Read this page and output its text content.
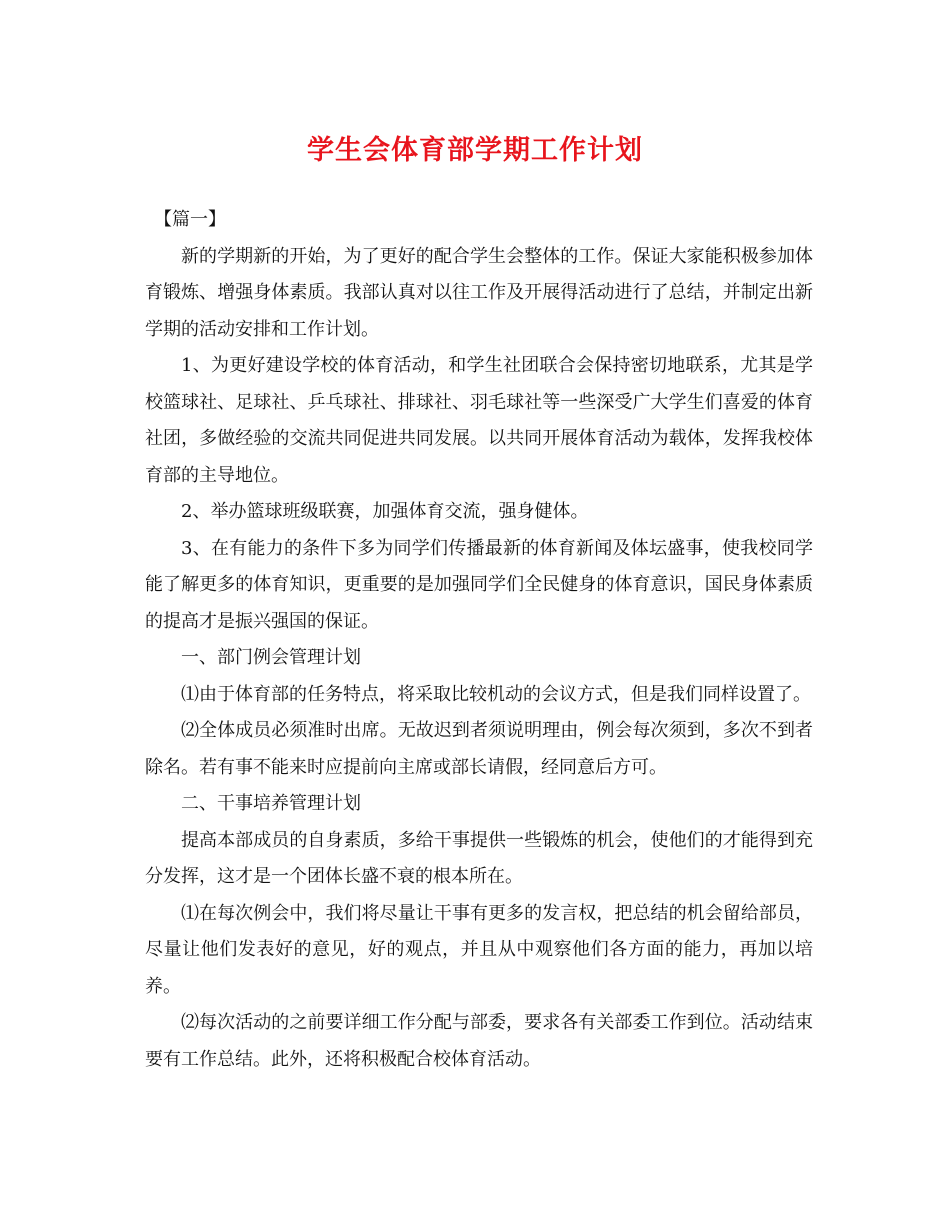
学生会体育部学期工作计划

【篇一】

新的学期新的开始，为了更好的配合学生会整体的工作。保证大家能积极参加体育锻炼、增强身体素质。我部认真对以往工作及开展得活动进行了总结，并制定出新学期的活动安排和工作计划。

1、为更好建设学校的体育活动，和学生社团联合会保持密切地联系，尤其是学校篮球社、足球社、乒乓球社、排球社、羽毛球社等一些深受广大学生们喜爱的体育社团，多做经验的交流共同促进共同发展。以共同开展体育活动为载体，发挥我校体育部的主导地位。

2、举办篮球班级联赛，加强体育交流，强身健体。

3、在有能力的条件下多为同学们传播最新的体育新闻及体坛盛事，使我校同学能了解更多的体育知识，更重要的是加强同学们全民健身的体育意识，国民身体素质的提高才是振兴强国的保证。

一、部门例会管理计划

⑴由于体育部的任务特点，将采取比较机动的会议方式，但是我们同样设置了。

⑵全体成员必须准时出席。无故迟到者须说明理由，例会每次须到，多次不到者除名。若有事不能来时应提前向主席或部长请假，经同意后方可。

二、干事培养管理计划

提高本部成员的自身素质，多给干事提供一些锻炼的机会，使他们的才能得到充分发挥，这才是一个团体长盛不衰的根本所在。

⑴在每次例会中，我们将尽量让干事有更多的发言权，把总结的机会留给部员，尽量让他们发表好的意见，好的观点，并且从中观察他们各方面的能力，再加以培养。

⑵每次活动的之前要详细工作分配与部委，要求各有关部委工作到位。活动结束要有工作总结。此外，还将积极配合校体育活动。
